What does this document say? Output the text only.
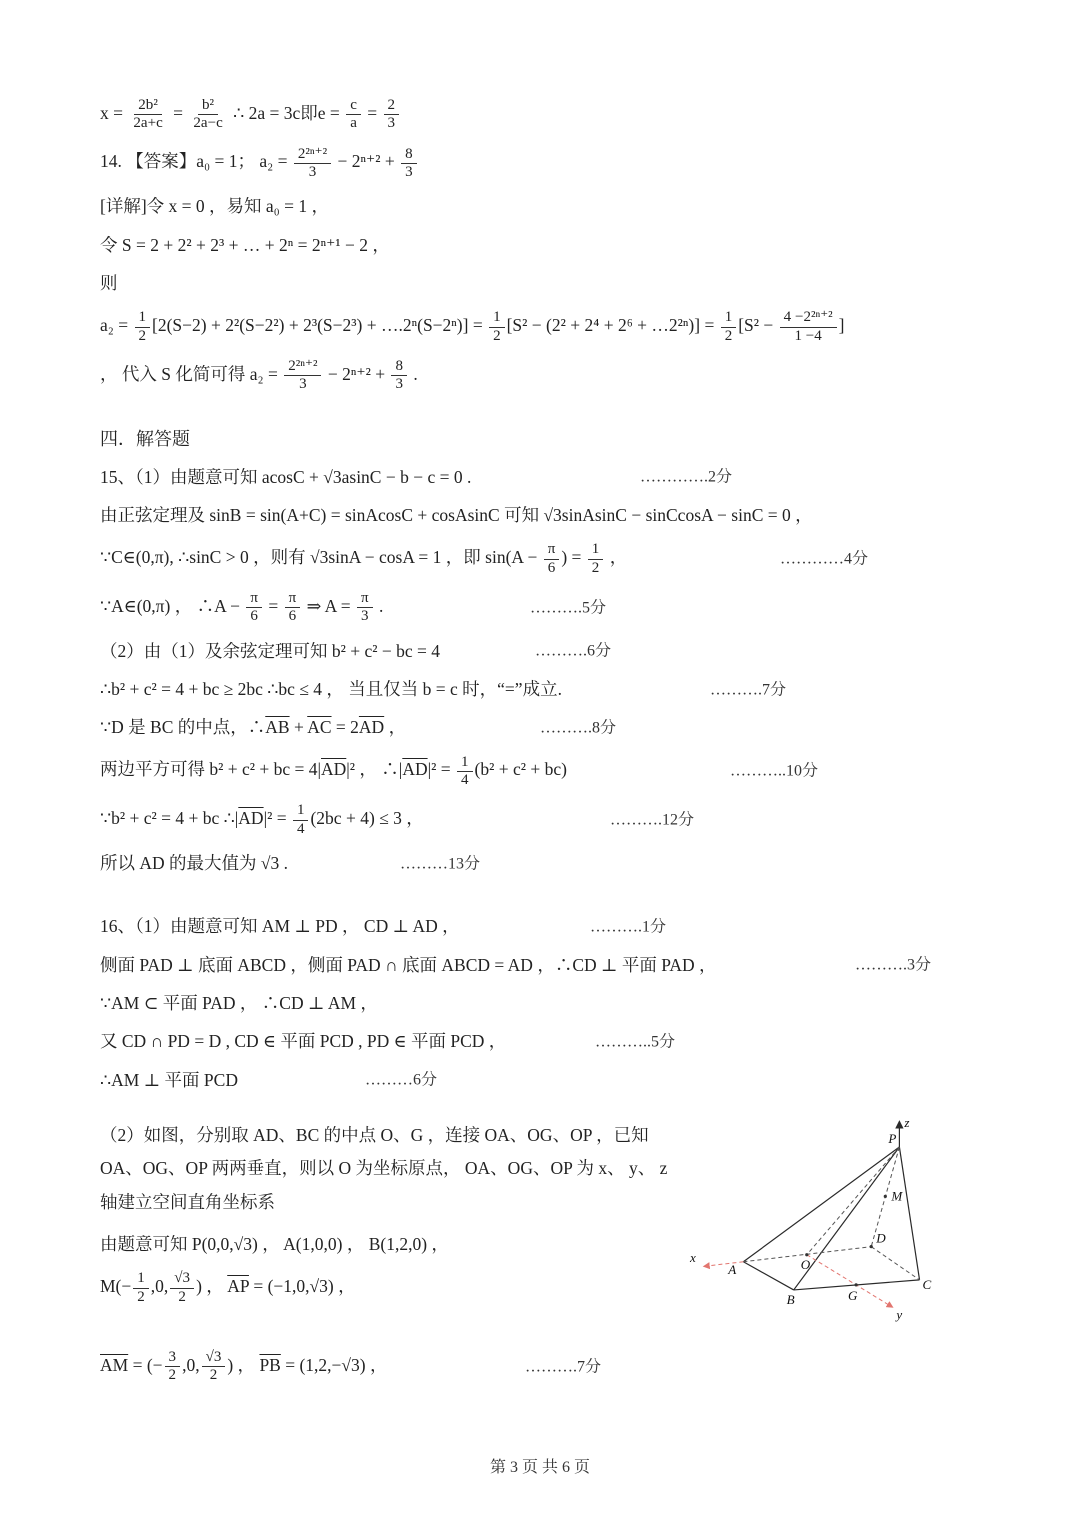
$x = \frac{\text{2b²}}{2a+c} = \frac{\text{b²}}{2a-c}$ ∴ 2a = 3c即$e = \frac{c}{a} = \frac{2}{3}$
14. 【答案】a₀ = 1； $a_2 = \frac{\text{2²ⁿ⁺²}}{3} - 2^{n+2} + \frac{8}{3}$
[详解]令 x = 0 ，易知 a₀ = 1 ，
令 S = 2 + 2² + 2³ + … + 2ⁿ = 2ⁿ⁺¹ − 2 ，
则
$a_2 = \frac{1}{2} [2(S-2) + 2^2(S-2^2) + 2^3(S-2^3)$ + ….2ⁿ(S−2ⁿ)] = $\frac{1}{2} [S^2 - (2^2 + 2^4 + 2^6$ + …2²ⁿ)] = $\frac{1}{2} [S^2 - \frac{\text{4 −2²ⁿ⁺²}}{1 -4}$ ]
， 代入 S 化简可得 $a_2 = \frac{\text{2²ⁿ⁺²}}{3} - 2^{n+2} + \frac{8}{3}$ .
四．解答题
15、（1）由题意可知 acosC + √3asinC − b − c = 0 .	………….2分
由正弦定理及 sinB = sin(A+C) = sinAcosC + cosAsinC 可知 √3sinAsinC − sinCcosA − sinC = 0 ，
∵C∈(0,π), ∴sinC > 0 ，则有 √3sinA − cosA = 1 ，即 $\sin(A - \frac{\pi}{6}$ ) = $\frac{1}{2}$ ，	…………4分
∵A∈(0,π) ， ∴A − $\frac{\pi}{6} = \frac{\pi}{6}$ ⇒ $A = \frac{\pi}{3}$ .	……….5分
（2）由（1）及余弦定理可知 b² + c² − bc = 4	……….6分
∴b² + c² = 4 + bc ≥ 2bc ∴bc ≤ 4 ， 当且仅当 b = c 时，“=”成立.	……….7分
∵D 是 BC 的中点，$\therefore\overline{AB} + \overline{AC} = 2\overline{AD}$ ，	……….8分
两边平方可得 b² + c² + bc = $4|\overline{AD}|^2$ ， $\therefore|\overline{AD}|^2 = \frac{1}{4} (b^2 + c^2 + bc)$	………..10分
∵b² + c² = 4 + bc $\therefore|\overline{AD}|^2 = \frac{1}{4} (2bc + 4) \le 3$ ，	……….12分
所以 AD 的最大值为 √3 .	………13分
16、（1）由题意可知 AM ⊥ PD ， CD ⊥ AD ，	……….1分
侧面 PAD ⊥ 底面 ABCD ，侧面 PAD ∩ 底面 ABCD = AD ，∴CD ⊥ 平面 PAD ，	……….3分
∵AM ⊂ 平面 PAD ， ∴CD ⊥ AM ，
又 CD ∩ PD = D , CD ∈ 平面 PCD , PD ∈ 平面 PCD ，	………..5分
∴AM ⊥ 平面 PCD	………6分
（2）如图，分别取 AD、BC 的中点 O、G ，连接 OA、OG、OP ，已知 OA、OG、OP 两两垂直，则以 O 为坐标原点， OA、OG、OP 为 x、 y、 z 轴建立空间直角坐标系
由题意可知 P(0,0,√3) ， A(1,0,0) ， B(1,2,0) ，
$M(- \frac{1}{2} ,0$, $\frac{√3}{2}$ ) ， $\overline{AP} = (-1,0,√3)$ ，
z
P
M
D
O
x
A
B	G
y
C
$\overline{AM}$ = (− $\frac{3}{2} ,0$, $\frac{√3}{2}$ ) ， $\overline{PB} = (1,2,-√3)$ ，	……….7分
第 3 页 共 6 页
